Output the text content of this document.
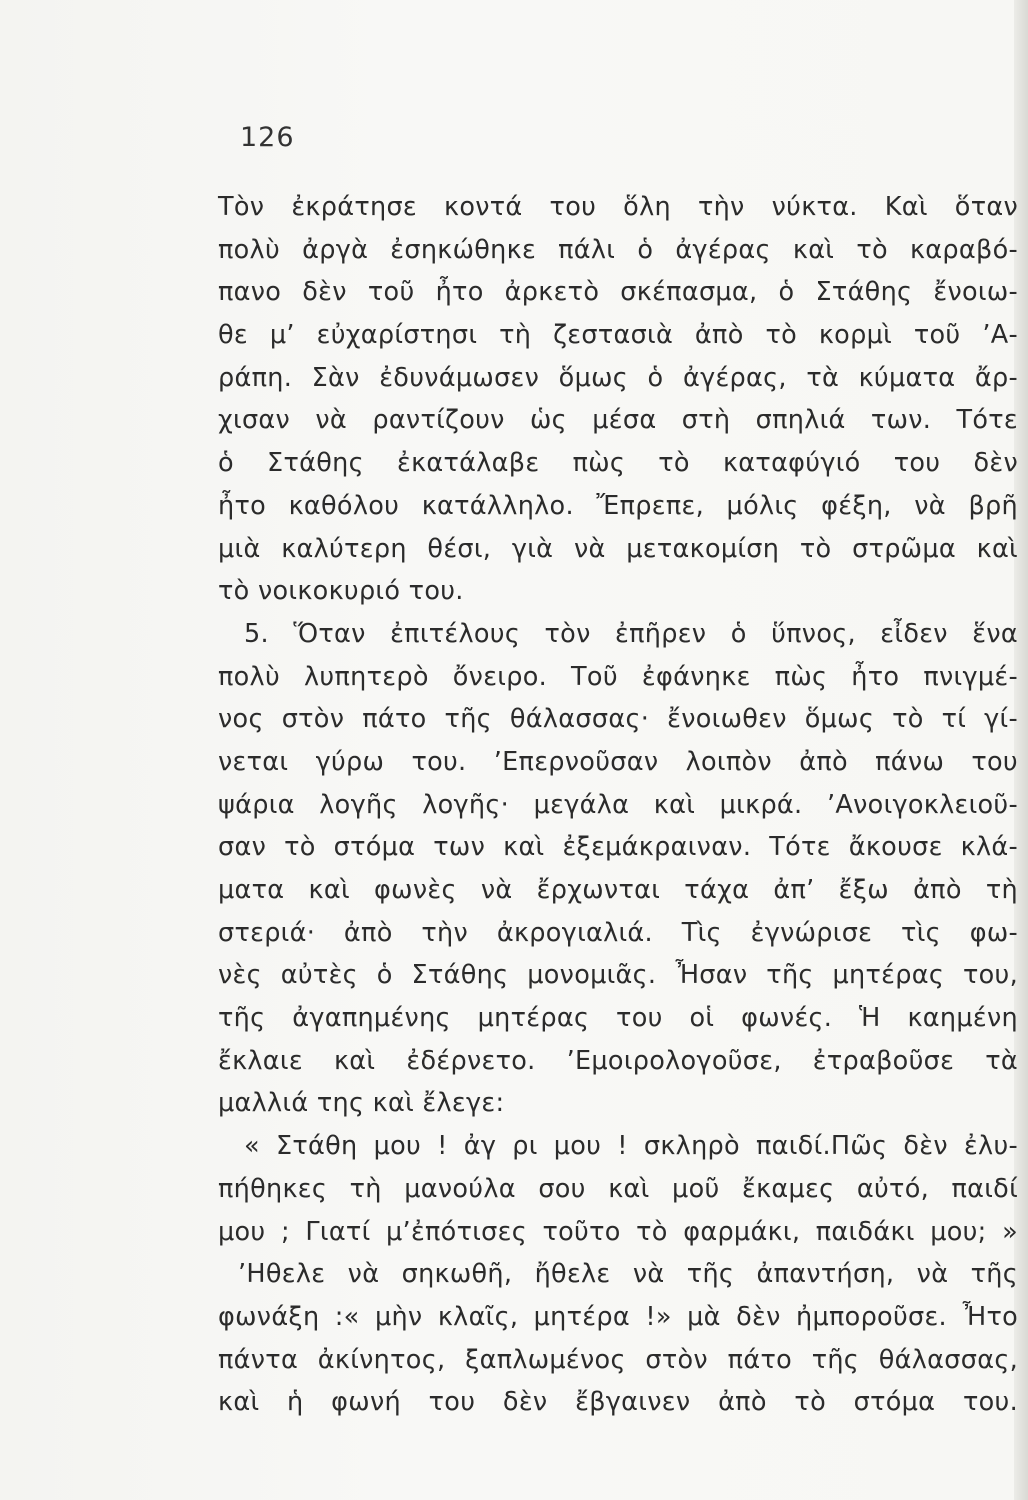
126
Τὸν ἐκράτησε κοντά του ὅλη τὴν νύκτα. Καὶ ὅταν
πολὺ ἀργὰ ἐσηκώθηκε πάλι ὁ ἀγέρας καὶ τὸ καραβό-
πανο δὲν τοῦ ἦτο ἀρκετὸ σκέπασμα, ὁ Στάθης ἔνοιω-
θε μ’ εὐχαρίστησι τὴ ζεστασιὰ ἀπὸ τὸ κορμὶ τοῦ ’Α-
ράπη. Σὰν ἐδυνάμωσεν ὅμως ὁ ἀγέρας, τὰ κύματα ἄρ-
χισαν νὰ ραντίζουν ὡς μέσα στὴ σπηλιά των. Τότε
ὁ Στάθης ἐκατάλαβε πὼς τὸ καταφύγιό του δὲν
ἦτο καθόλου κατάλληλο. Ἔπρεπε, μόλις φέξη, νὰ βρῆ
μιὰ καλύτερη θέσι, γιὰ νὰ μετακομίση τὸ στρῶμα καὶ
τὸ νοικοκυριό του.
5. Ὅταν ἐπιτέλους τὸν ἐπῆρεν ὁ ὕπνος, εἶδεν ἕνα
πολὺ λυπητερὸ ὄνειρο. Τοῦ ἐφάνηκε πὼς ἦτο πνιγμέ-
νος στὸν πάτο τῆς θάλασσας· ἔνοιωθεν ὅμως τὸ τί γί-
νεται γύρω του. ’Επερνοῦσαν λοιπὸν ἀπὸ πάνω του
ψάρια λογῆς λογῆς· μεγάλα καὶ μικρά. ’Ανοιγοκλειοῦ-
σαν τὸ στόμα των καὶ ἐξεμάκραιναν. Τότε ἄκουσε κλά-
ματα καὶ φωνὲς νὰ ἔρχωνται τάχα ἀπ’ ἔξω ἀπὸ τὴ
στεριά· ἀπὸ τὴν ἀκρογιαλιά. Τὶς ἐγνώρισε τὶς φω-
νὲς αὐτὲς ὁ Στάθης μονομιᾶς. Ἦσαν τῆς μητέρας του,
τῆς ἀγαπημένης μητέρας του οἱ φωνές. Ἡ καημένη
ἔκλαιε καὶ ἐδέρνετο. ’Εμοιρολογοῦσε, ἐτραβοῦσε τὰ
μαλλιά της καὶ ἔλεγε:
« Στάθη μου ! ἀγ ρι μου ! σκληρὸ παιδί.Πῶς δὲν ἐλυ-
πήθηκες τὴ μανούλα σου καὶ μοῦ ἔκαμες αὐτό, παιδί
μου ; Γιατί μ’ἐπότισες τοῦτο τὸ φαρμάκι, παιδάκι μου; »
’Ηθελε νὰ σηκωθῆ, ἤθελε νὰ τῆς ἀπαντήση, νὰ τῆς
φωνάξη :« μὴν κλαῖς, μητέρα !» μὰ δὲν ἠμποροῦσε. Ἦτο
πάντα ἀκίνητος, ξαπλωμένος στὸν πάτο τῆς θάλασσας,
καὶ ἡ φωνή του δὲν ἔβγαινεν ἀπὸ τὸ στόμα του.
